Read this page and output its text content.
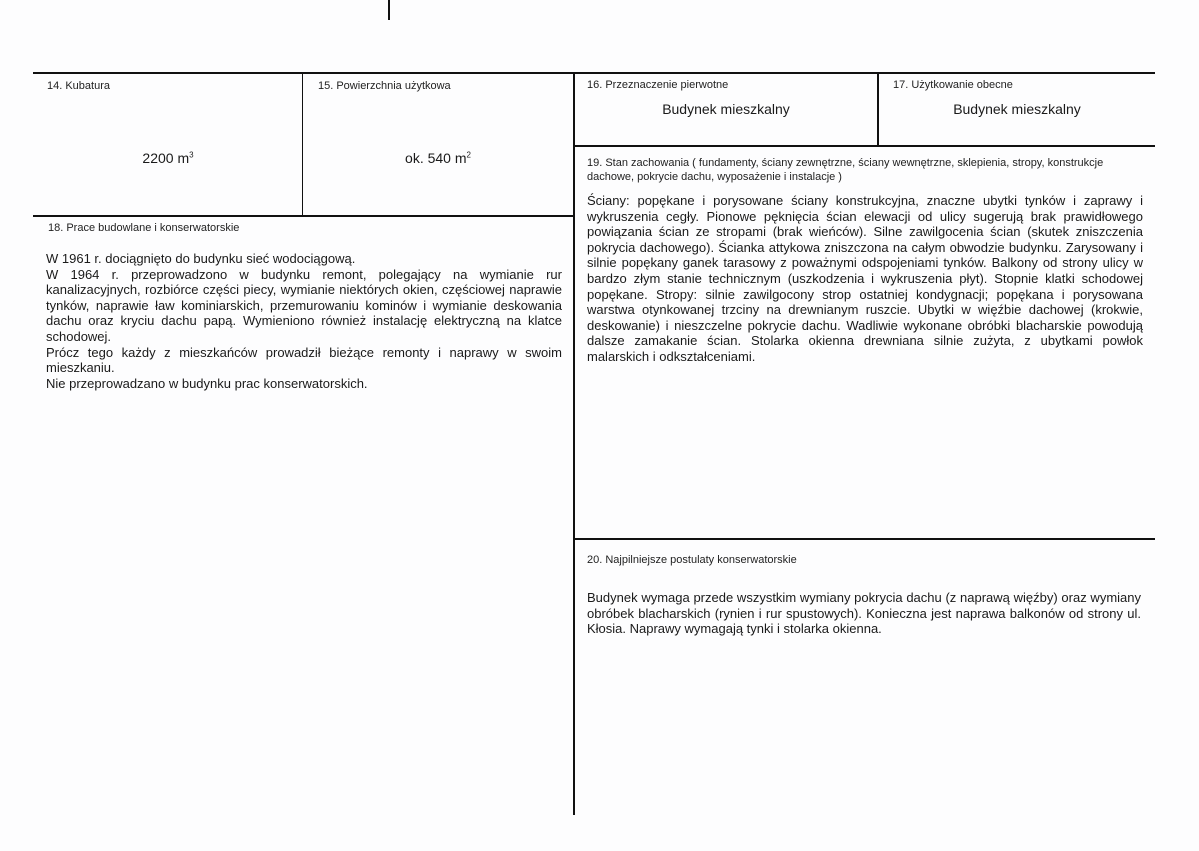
14. Kubatura
2200 $m^3$
15. Powierzchnia użytkowa
ok. 540 $m^2$
16. Przeznaczenie pierwotne
Budynek mieszkalny
17. Użytkowanie obecne
Budynek mieszkalny
18. Prace budowlane i konserwatorskie

W 1961 r. dociągnięto do budynku sieć wodociągową.

W 1964 r. przeprowadzono w budynku remont, polegający na wymianie rur kanalizacyjnych, rozbiórce części piecy, wymianie niektórych okien, częściowej naprawie tynków, naprawie ław kominiarskich, przemurowaniu kominów i wymianie deskowania dachu oraz kryciu dachu papą. Wymieniono również instalację elektryczną na klatce schodowej.

Prócz tego każdy z mieszkańców prowadził bieżące remonty i naprawy w swoim mieszkaniu.

Nie przeprowadzano w budynku prac konserwatorskich.

19. Stan zachowania ( fundamenty, ściany zewnętrzne, ściany wewnętrzne, sklepienia, stropy, konstrukcje dachowe, pokrycie dachu, wyposażenie i instalacje )

Ściany: popękane i porysowane ściany konstrukcyjna, znaczne ubytki tynków i zaprawy i wykruszenia cegły. Pionowe pęknięcia ścian elewacji od ulicy sugerują brak prawidłowego powiązania ścian ze stropami (brak wieńców). Silne zawilgocenia ścian (skutek zniszczenia pokrycia dachowego). Ścianka attykowa zniszczona na całym obwodzie budynku. Zarysowany i silnie popękany ganek tarasowy z poważnymi odspojeniami tynków. Balkony od strony ulicy w bardzo złym stanie technicznym (uszkodzenia i wykruszenia płyt). Stopnie klatki schodowej popękane. Stropy: silnie zawilgocony strop ostatniej kondygnacji; popękana i porysowana warstwa otynkowanej trzciny na drewnianym ruszcie. Ubytki w więźbie dachowej (krokwie, deskowanie) i nieszczelne pokrycie dachu. Wadliwie wykonane obróbki blacharskie powodują dalsze zamakanie ścian. Stolarka okienna drewniana silnie zużyta, z ubytkami powłok malarskich i odkształceniami.

20. Najpilniejsze postulaty konserwatorskie

Budynek wymaga przede wszystkim wymiany pokrycia dachu (z naprawą więźby) oraz wymiany obróbek blacharskich (rynien i rur spustowych). Konieczna jest naprawa balkonów od strony ul. Kłosia. Naprawy wymagają tynki i stolarka okienna.
